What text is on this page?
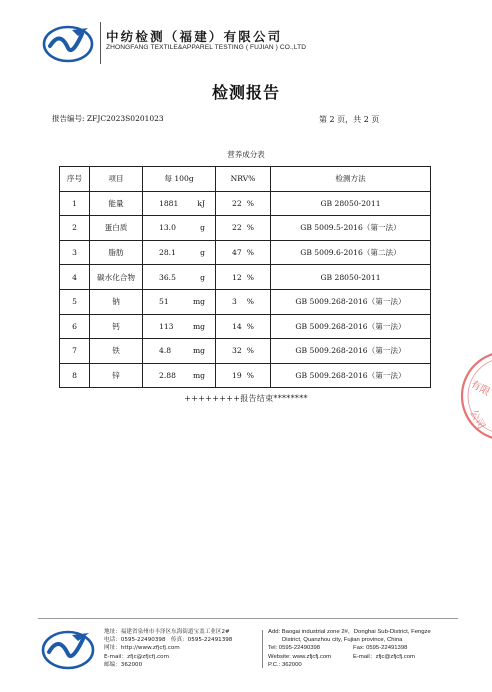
中纺检测（福建）有限公司
ZHONGFANG TEXTILE&APPAREL TESTING ( FUJIAN ) CO.,LTD
检测报告
报告编号: ZFJC2023S0201023	第 2 页，共 2 页
营养成分表
序号	项目	每 100g	NRV%	检测方法
1	能量	1881 kJ	22 %	GB 28050-2011
2	蛋白质	13.0 g	22 %	GB 5009.5-2016（第一法）
3	脂肪	28.1 g	47 %	GB 5009.6-2016（第二法）
4	碳水化合物	36.5 g	12 %	GB 28050-2011
5	钠	51 mg	3 %	GB 5009.268-2016（第一法）
6	钙	113 mg	14 %	GB 5009.268-2016（第一法）
7	铁	4.8 mg	32 %	GB 5009.268-2016（第一法）
8	锌	2.88 mg	19 %	GB 5009.268-2016（第一法）
++++++++报告结束********
有限
公司
地址：福建省泉州市丰泽区东海街道宝盖工业区2#
电话：0595-22490398 传真：0595-22491398
网址：http://www.zfjcfj.com
E-mail：zfjc@zfjcfj.com
邮编：362000
Add: Baogai industrial zone 2#，Donghai Sub-District, Fengze
District, Quanzhou city, Fujian province, China
Tel: 0595-22490398	Fax: 0595-22491398
Website: www.zfjcfj.com	E-mail：zfjc@zfjcfj.com
P.C.: 362000
